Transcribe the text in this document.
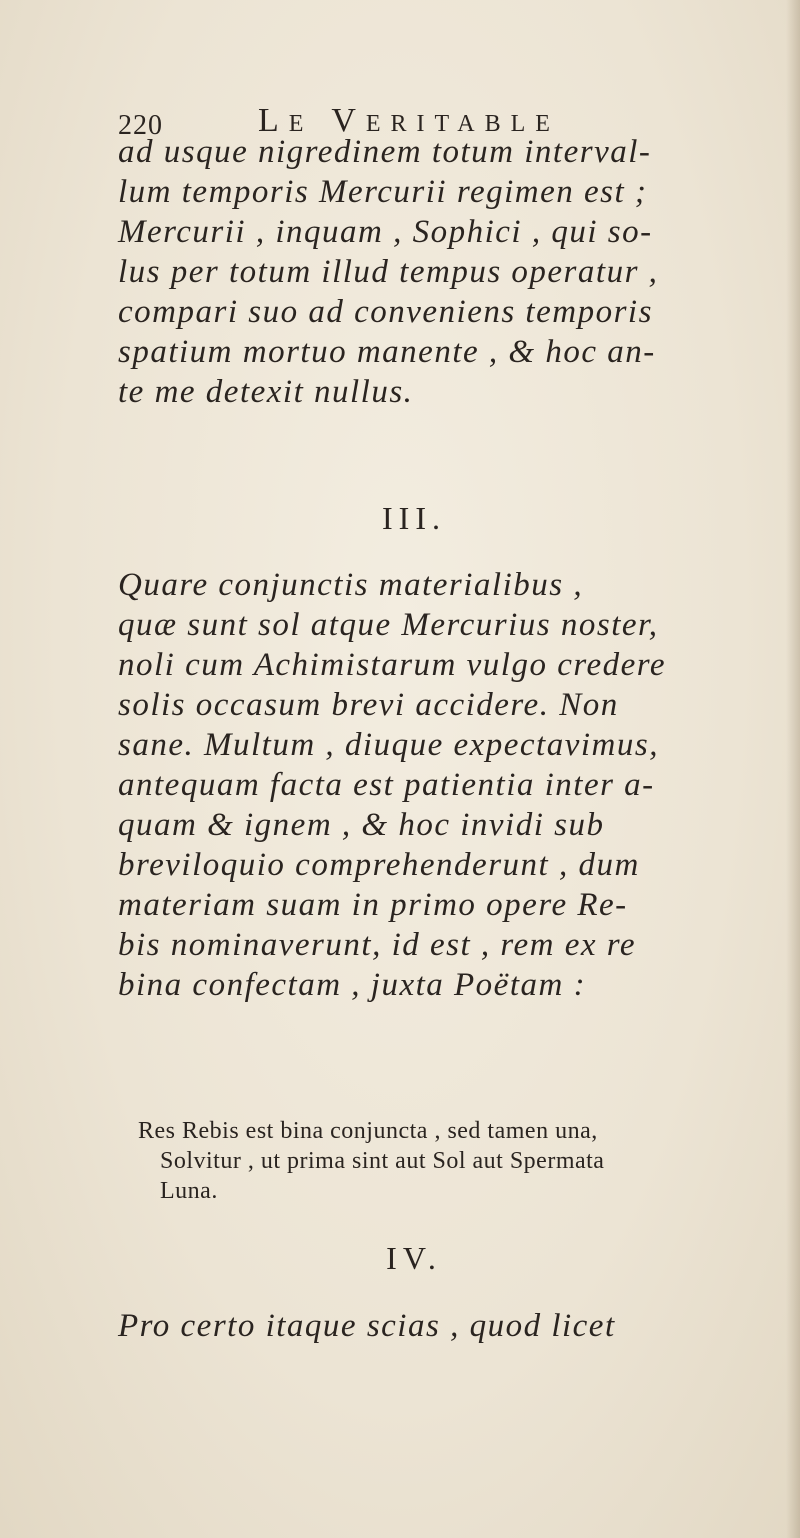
220	Le Veritable
ad usque nigredinem totum interval-
lum temporis Mercurii regimen est ;
Mercurii , inquam , Sophici , qui so-
lus per totum illud tempus operatur ,
compari suo ad conveniens temporis
spatium mortuo manente , & hoc an-
te me detexit nullus.
III.
Quare conjunctis materialibus ,
quæ sunt sol atque Mercurius noster,
noli cum Achimistarum vulgo credere
solis occasum brevi accidere. Non
sane. Multum , diuque expectavimus,
antequam facta est patientia inter a-
quam & ignem , & hoc invidi sub
breviloquio comprehenderunt , dum
materiam suam in primo opere Re-
bis nominaverunt, id est , rem ex re
bina confectam , juxta Poëtam :
Res Rebis est bina conjuncta , sed tamen una,
Solvitur , ut prima sint aut Sol aut Spermata
Luna.
IV.
Pro certo itaque scias , quod licet
